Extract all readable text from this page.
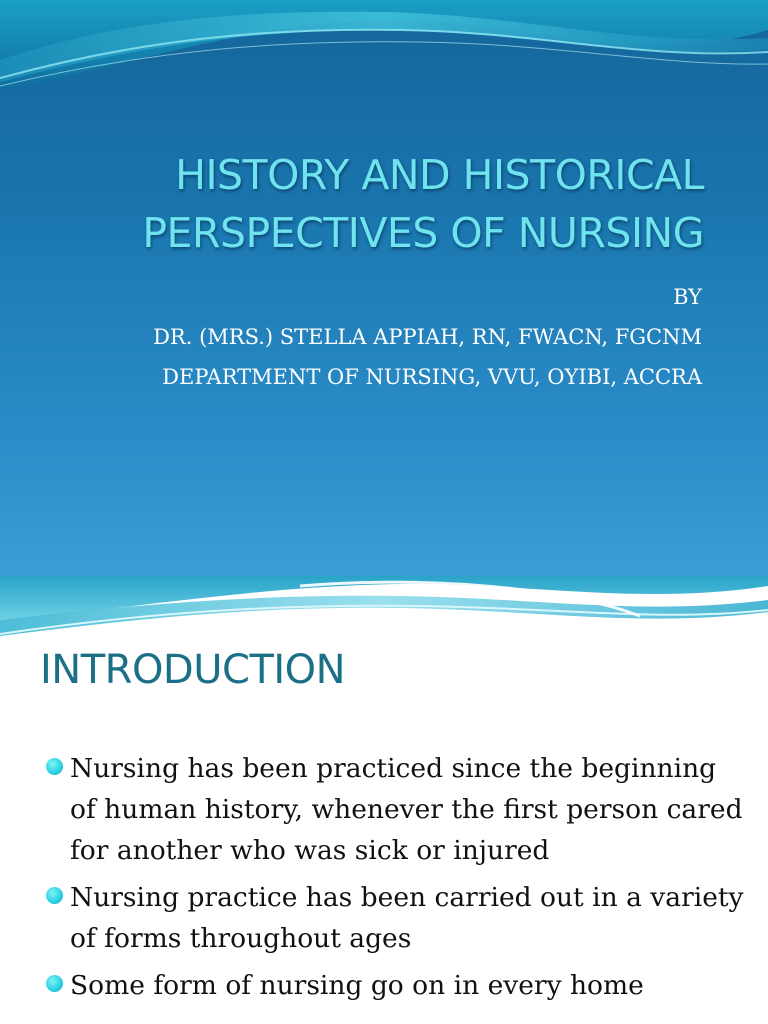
HISTORY AND HISTORICAL
PERSPECTIVES OF NURSING
BY
DR. (MRS.) STELLA APPIAH, RN, FWACN, FGCNM
DEPARTMENT OF NURSING, VVU, OYIBI, ACCRA
INTRODUCTION
Nursing has been practiced since the beginning of human history, whenever the first person cared for another who was sick or injured
Nursing practice has been carried out in a variety of forms throughout ages
Some form of nursing go on in every home
